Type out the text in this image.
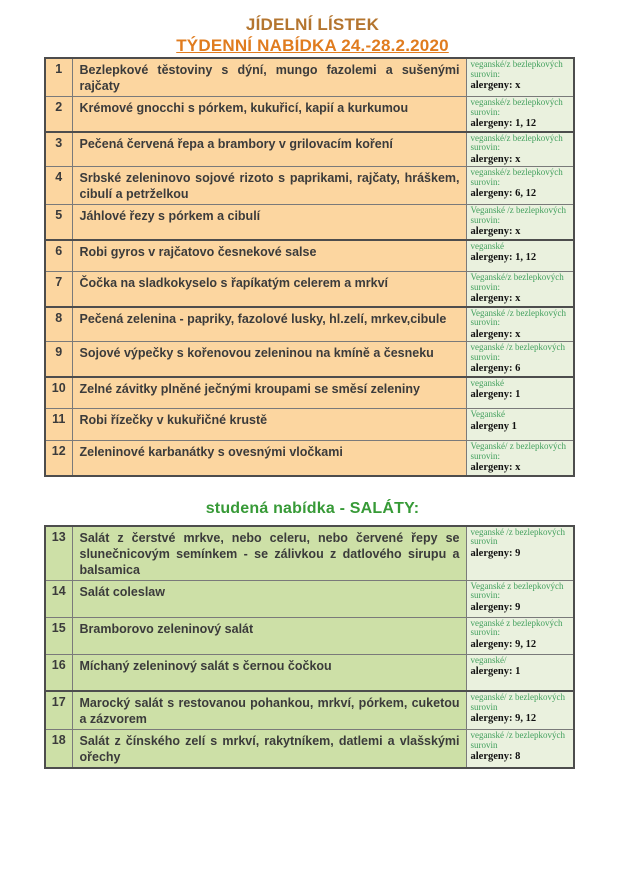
JÍDELNÍ LÍSTEK
TÝDENNÍ NABÍDKA 24.-28.2.2020
1	Bezlepkové těstoviny s dýní, mungo fazolemi a sušenými rajčaty	veganské/z bezlepkových surovin:
alergeny: x

2	Krémové gnocchi s pórkem, kukuřicí, kapií a kurkumou	veganské/z bezlepkových surovin:
alergeny: 1, 12

3	Pečená červená řepa a brambory v grilovacím koření	veganské/z bezlepkových surovin:
alergeny: x

4	Srbské zeleninovo sojové rizoto s paprikami, rajčaty, hráškem, cibulí a petrželkou	veganské/z bezlepkových surovin:
alergeny: 6, 12

5	Jáhlové řezy s pórkem a cibulí	Veganské /z bezlepkových surovin:
alergeny: x

6	Robi gyros v rajčatovo česnekové salse	veganské
alergeny: 1, 12

7	Čočka na sladkokyselo s řapíkatým celerem a mrkví	Veganské/z bezlepkových surovin:
alergeny: x

8	Pečená zelenina - papriky, fazolové lusky, hl.zelí, mrkev,cibule	Veganské /z bezlepkových surovin:
alergeny: x

9	Sojové výpečky s kořenovou zeleninou na kmíně a česneku	veganské /z bezlepkových surovin:
alergeny: 6

10	Zelné závitky plněné ječnými kroupami se směsí zeleniny	veganské
alergeny: 1

11	Robi řízečky v kukuřičné krustě	Veganské
alergeny 1

12	Zeleninové karbanátky s ovesnými vločkami	Veganské/ z bezlepkových surovin:
alergeny: x
studená nabídka - SALÁTY:
13	Salát z čerstvé mrkve, nebo celeru, nebo červené řepy se slunečnicovým semínkem - se zálivkou z datlového sirupu a balsamica	veganské /z bezlepkových surovin
alergeny: 9

14	Salát coleslaw	Veganské z bezlepkových surovin:
alergeny: 9

15	Bramborovo zeleninový salát	veganské z bezlepkových surovin:
alergeny: 9, 12

16	Míchaný zeleninový salát s černou čočkou	veganské/
alergeny: 1

17	Marocký salát s restovanou pohankou, mrkví, pórkem, cuketou a zázvorem	veganské/ z bezlepkových surovin
alergeny: 9, 12

18	Salát z čínského zelí s mrkví, rakytníkem, datlemi a vlašskými ořechy	veganské /z bezlepkových surovin
alergeny: 8
